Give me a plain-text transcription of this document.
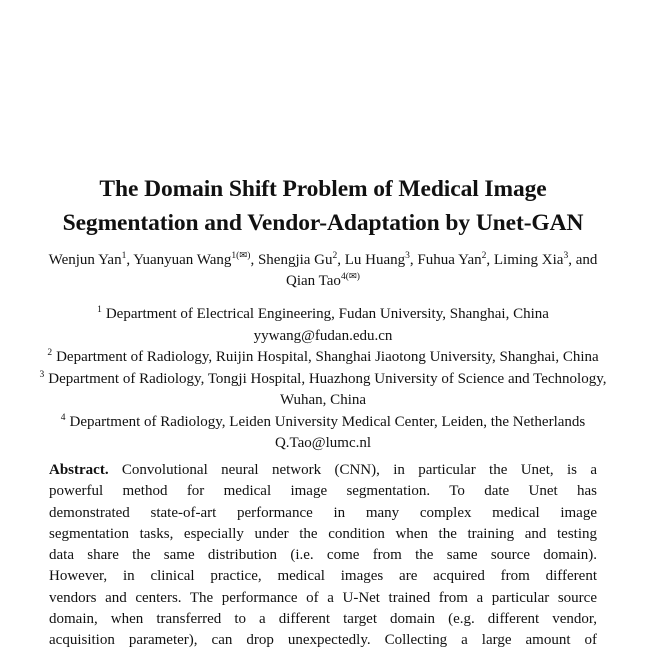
The Domain Shift Problem of Medical Image
Segmentation and Vendor-Adaptation by Unet-GAN
Wenjun Yan$^1$, Yuanyuan Wang$^{1(✉)}$, Shengjia Gu$^2$, Lu Huang$^3$, Fuhua Yan$^2$, Liming Xia$^3$, and
Qian Tao$^{4(✉)}$
$^1$ Department of Electrical Engineering, Fudan University, Shanghai, China
yywang@fudan.edu.cn
$^2$ Department of Radiology, Ruijin Hospital, Shanghai Jiaotong University, Shanghai, China
$^3$ Department of Radiology, Tongji Hospital, Huazhong University of Science and Technology,
Wuhan, China
$^4$ Department of Radiology, Leiden University Medical Center, Leiden, the Netherlands
Q.Tao@lumc.nl
Abstract. Convolutional neural network (CNN), in particular the Unet, is a
powerful method for medical image segmentation. To date Unet has
demonstrated state-of-art performance in many complex medical image
segmentation tasks, especially under the condition when the training and testing
data share the same distribution (i.e. come from the same source domain).
However, in clinical practice, medical images are acquired from different
vendors and centers. The performance of a U-Net trained from a particular source
domain, when transferred to a different target domain (e.g. different vendor,
acquisition parameter), can drop unexpectedly. Collecting a large amount of
